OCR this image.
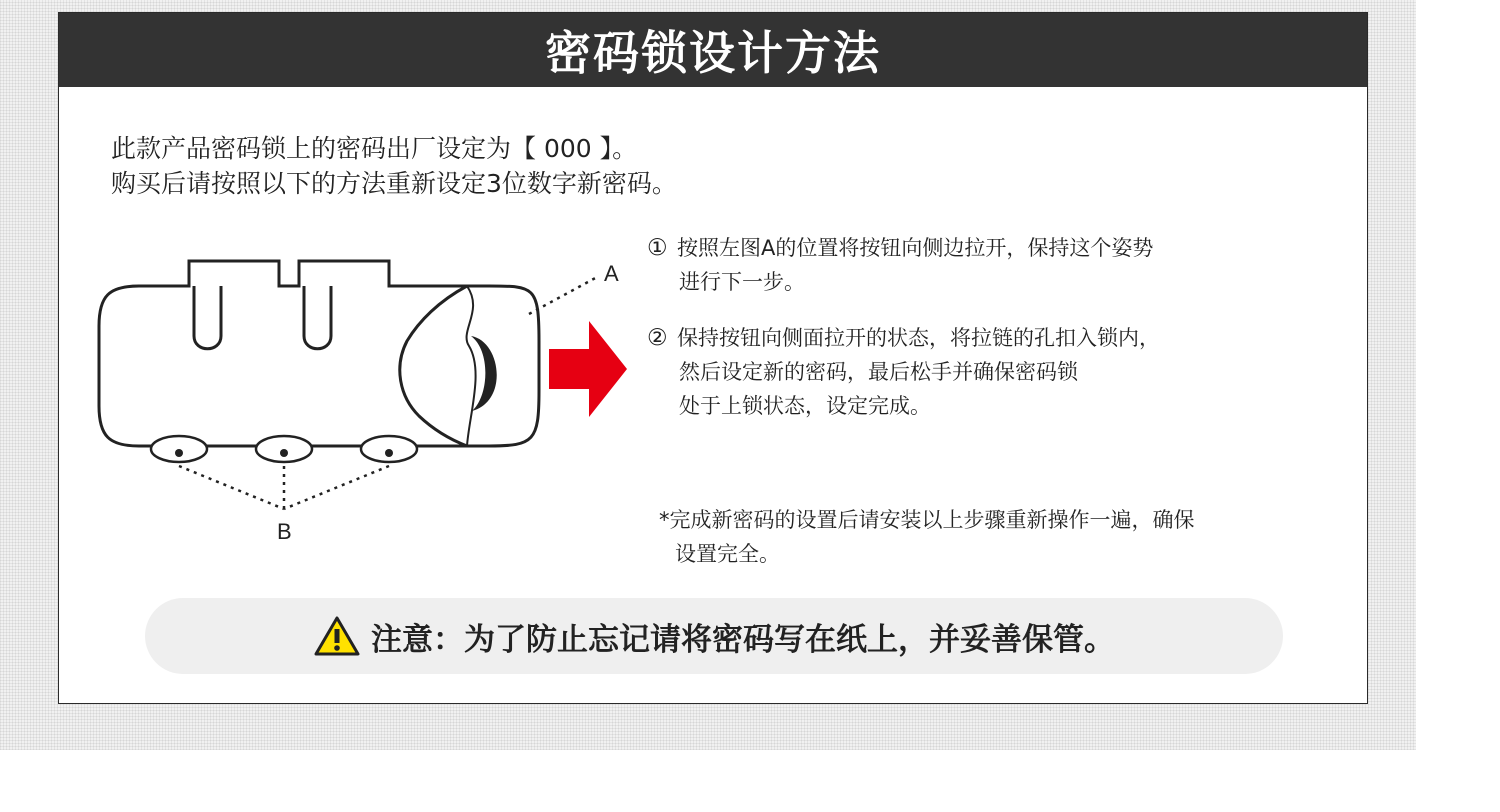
密码锁设计方法
此款产品密码锁上的密码出厂设定为【 000 】。
购买后请按照以下的方法重新设定3位数字新密码。
A
B
① 按照左图A的位置将按钮向侧边拉开，保持这个姿势
进行下一步。
② 保持按钮向侧面拉开的状态，将拉链的孔扣入锁内，
然后设定新的密码，最后松手并确保密码锁
处于上锁状态，设定完成。
*完成新密码的设置后请安装以上步骤重新操作一遍，确保
设置完全。
注意：为了防止忘记请将密码写在纸上，并妥善保管。
